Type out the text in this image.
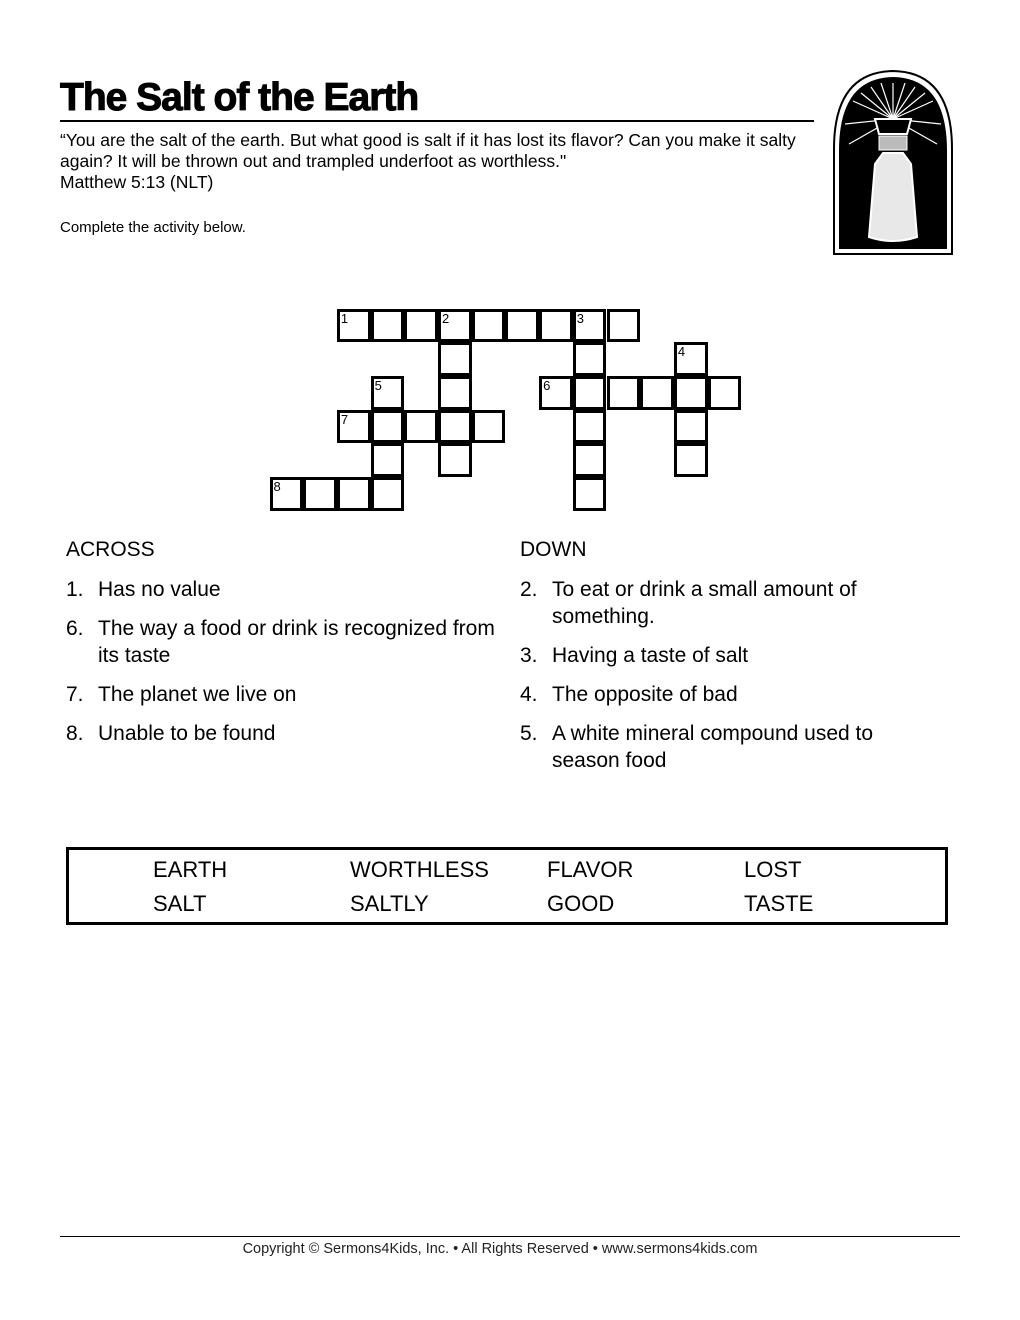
The Salt of the Earth
“You are the salt of the earth. But what good is salt if it has lost its flavor? Can you make it salty again? It will be thrown out and trampled underfoot as worthless."
Matthew 5:13 (NLT)
Complete the activity below.
1	2	3
4
5	6
7
8
ACROSS
1. Has no value
6. The way a food or drink is recognized from its taste
7. The planet we live on
8. Unable to be found
DOWN
2. To eat or drink a small amount of something.
3. Having a taste of salt
4. The opposite of bad
5. A white mineral compound used to season food
EARTH	WORTHLESS	FLAVOR	LOST
SALT	SALTLY	GOOD	TASTE
Copyright © Sermons4Kids, Inc. • All Rights Reserved • www.sermons4kids.com
